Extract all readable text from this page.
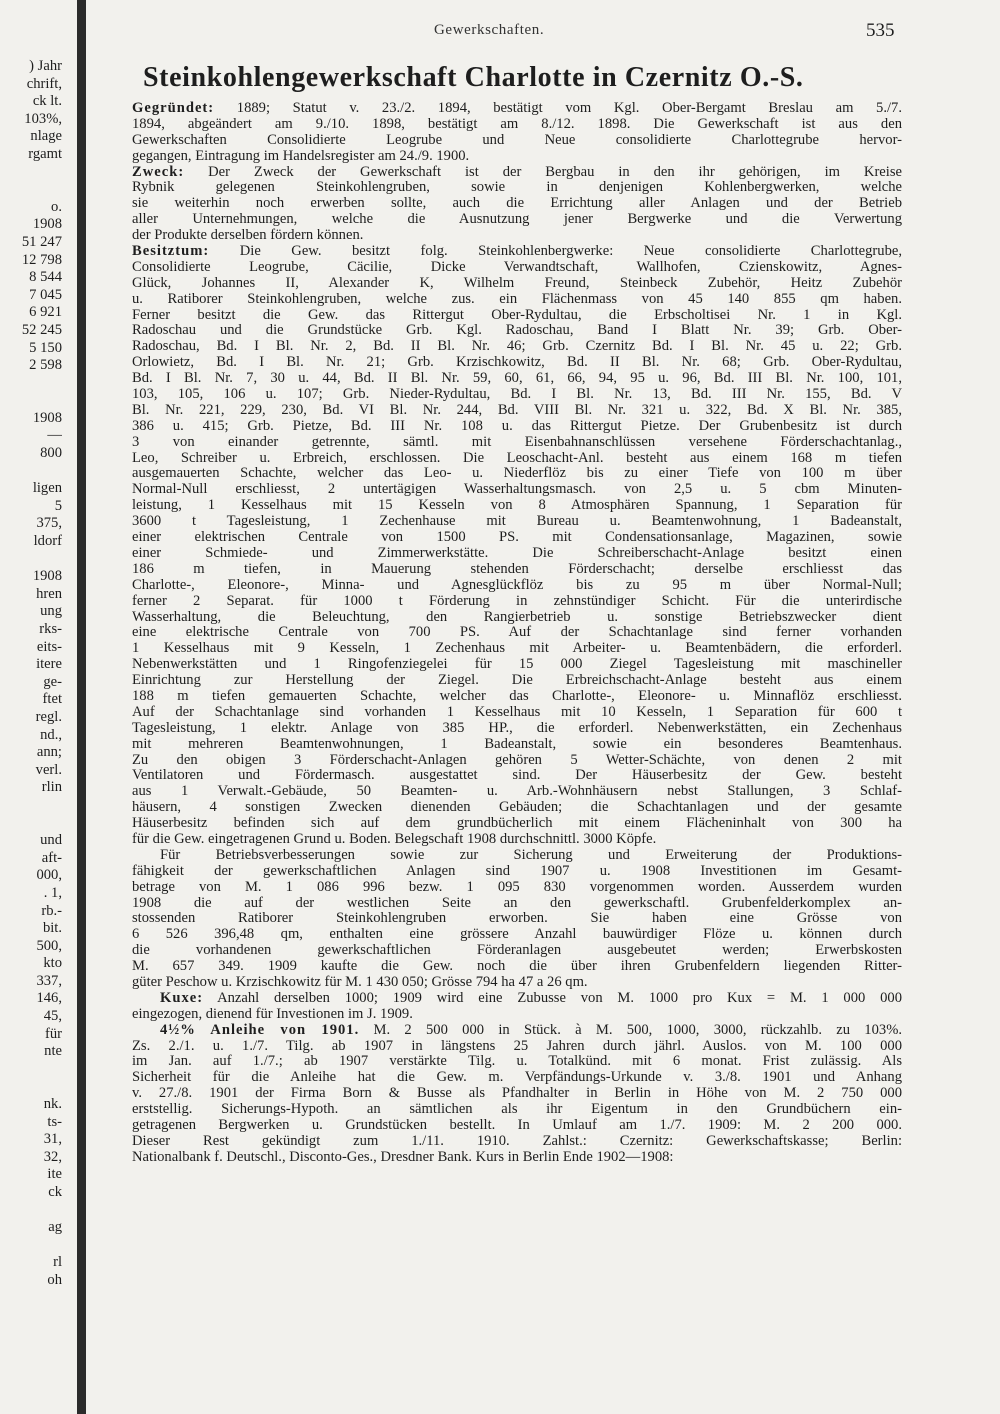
) Jahr
chrift,
ck lt.
103%,
nlage
rgamt
o.
1908
51 247
12 798
8 544
7 045
6 921
52 245
5 150
2 598
1908
—
800
ligen
5
375,
ldorf
1908
hren
ung
rks-
eits-
itere
ge-
ftet
regl.
nd.,
ann;
verl.
rlin
und
aft-
000,
. 1,
rb.-
bit.
500,
kto
337,
146,
45,
für
nte
nk.
ts-
31,
32,
ite
ck
ag
rl
oh
Gewerkschaften.	535
Steinkohlengewerkschaft Charlotte in Czernitz O.-S.
Gegründet: 1889; Statut v. 23./2. 1894, bestätigt vom Kgl. Ober-Bergamt Breslau am 5./7.
1894, abgeändert am 9./10. 1898, bestätigt am 8./12. 1898. Die Gewerkschaft ist aus den
Gewerkschaften Consolidierte Leogrube und Neue consolidierte Charlottegrube hervor-
gegangen, Eintragung im Handelsregister am 24./9. 1900.
Zweck: Der Zweck der Gewerkschaft ist der Bergbau in den ihr gehörigen, im Kreise
Rybnik gelegenen Steinkohlengruben, sowie in denjenigen Kohlenbergwerken, welche
sie weiterhin noch erwerben sollte, auch die Errichtung aller Anlagen und der Betrieb
aller Unternehmungen, welche die Ausnutzung jener Bergwerke und die Verwertung
der Produkte derselben fördern können.
Besitztum: Die Gew. besitzt folg. Steinkohlenbergwerke: Neue consolidierte Charlottegrube,
Consolidierte Leogrube, Cäcilie, Dicke Verwandtschaft, Wallhofen, Czienskowitz, Agnes-
Glück, Johannes II, Alexander K, Wilhelm Freund, Steinbeck Zubehör, Heitz Zubehör
u. Ratiborer Steinkohlengruben, welche zus. ein Flächenmass von 45 140 855 qm haben.
Ferner besitzt die Gew. das Rittergut Ober-Rydultau, die Erbscholtisei Nr. 1 in Kgl.
Radoschau und die Grundstücke Grb. Kgl. Radoschau, Band I Blatt Nr. 39; Grb. Ober-
Radoschau, Bd. I Bl. Nr. 2, Bd. II Bl. Nr. 46; Grb. Czernitz Bd. I Bl. Nr. 45 u. 22; Grb.
Orlowietz, Bd. I Bl. Nr. 21; Grb. Krzischkowitz, Bd. II Bl. Nr. 68; Grb. Ober-Rydultau,
Bd. I Bl. Nr. 7, 30 u. 44, Bd. II Bl. Nr. 59, 60, 61, 66, 94, 95 u. 96, Bd. III Bl. Nr. 100, 101,
103, 105, 106 u. 107; Grb. Nieder-Rydultau, Bd. I Bl. Nr. 13, Bd. III Nr. 155, Bd. V
Bl. Nr. 221, 229, 230, Bd. VI Bl. Nr. 244, Bd. VIII Bl. Nr. 321 u. 322, Bd. X Bl. Nr. 385,
386 u. 415; Grb. Pietze, Bd. III Nr. 108 u. das Rittergut Pietze. Der Grubenbesitz ist durch
3 von einander getrennte, sämtl. mit Eisenbahnanschlüssen versehene Förderschachtanlag.,
Leo, Schreiber u. Erbreich, erschlossen. Die Leoschacht-Anl. besteht aus einem 168 m tiefen
ausgemauerten Schachte, welcher das Leo- u. Niederflöz bis zu einer Tiefe von 100 m über
Normal-Null erschliesst, 2 untertägigen Wasserhaltungsmasch. von 2,5 u. 5 cbm Minuten-
leistung, 1 Kesselhaus mit 15 Kesseln von 8 Atmosphären Spannung, 1 Separation für
3600 t Tagesleistung, 1 Zechenhause mit Bureau u. Beamtenwohnung, 1 Badeanstalt,
einer elektrischen Centrale von 1500 PS. mit Condensationsanlage, Magazinen, sowie
einer Schmiede- und Zimmerwerkstätte. Die Schreiberschacht-Anlage besitzt einen
186 m tiefen, in Mauerung stehenden Förderschacht; derselbe erschliesst das
Charlotte-, Eleonore-, Minna- und Agnesglückflöz bis zu 95 m über Normal-Null;
ferner 2 Separat. für 1000 t Förderung in zehnstündiger Schicht. Für die unterirdische
Wasserhaltung, die Beleuchtung, den Rangierbetrieb u. sonstige Betriebszwecker dient
eine elektrische Centrale von 700 PS. Auf der Schachtanlage sind ferner vorhanden
1 Kesselhaus mit 9 Kesseln, 1 Zechenhaus mit Arbeiter- u. Beamtenbädern, die erforderl.
Nebenwerkstätten und 1 Ringofenziegelei für 15 000 Ziegel Tagesleistung mit maschineller
Einrichtung zur Herstellung der Ziegel. Die Erbreichschacht-Anlage besteht aus einem
188 m tiefen gemauerten Schachte, welcher das Charlotte-, Eleonore- u. Minnaflöz erschliesst.
Auf der Schachtanlage sind vorhanden 1 Kesselhaus mit 10 Kesseln, 1 Separation für 600 t
Tagesleistung, 1 elektr. Anlage von 385 HP., die erforderl. Nebenwerkstätten, ein Zechenhaus
mit mehreren Beamtenwohnungen, 1 Badeanstalt, sowie ein besonderes Beamtenhaus.
Zu den obigen 3 Förderschacht-Anlagen gehören 5 Wetter-Schächte, von denen 2 mit
Ventilatoren und Fördermasch. ausgestattet sind. Der Häuserbesitz der Gew. besteht
aus 1 Verwalt.-Gebäude, 50 Beamten- u. Arb.-Wohnhäusern nebst Stallungen, 3 Schlaf-
häusern, 4 sonstigen Zwecken dienenden Gebäuden; die Schachtanlagen und der gesamte
Häuserbesitz befinden sich auf dem grundbücherlich mit einem Flächeninhalt von 300 ha
für die Gew. eingetragenen Grund u. Boden. Belegschaft 1908 durchschnittl. 3000 Köpfe.
Für Betriebsverbesserungen sowie zur Sicherung und Erweiterung der Produktions-
fähigkeit der gewerkschaftlichen Anlagen sind 1907 u. 1908 Investitionen im Gesamt-
betrage von M. 1 086 996 bezw. 1 095 830 vorgenommen worden. Ausserdem wurden
1908 die auf der westlichen Seite an den gewerkschaftl. Grubenfelderkomplex an-
stossenden Ratiborer Steinkohlengruben erworben. Sie haben eine Grösse von
6 526 396,48 qm, enthalten eine grössere Anzahl bauwürdiger Flöze u. können durch
die vorhandenen gewerkschaftlichen Förderanlagen ausgebeutet werden; Erwerbskosten
M. 657 349. 1909 kaufte die Gew. noch die über ihren Grubenfeldern liegenden Ritter-
güter Peschow u. Krzischkowitz für M. 1 430 050; Grösse 794 ha 47 a 26 qm.
Kuxe: Anzahl derselben 1000; 1909 wird eine Zubusse von M. 1000 pro Kux = M. 1 000 000
eingezogen, dienend für Investionen im J. 1909.
4½% Anleihe von 1901. M. 2 500 000 in Stück. à M. 500, 1000, 3000, rückzahlb. zu 103%.
Zs. 2./1. u. 1./7. Tilg. ab 1907 in längstens 25 Jahren durch jährl. Auslos. von M. 100 000
im Jan. auf 1./7.; ab 1907 verstärkte Tilg. u. Totalkünd. mit 6 monat. Frist zulässig. Als
Sicherheit für die Anleihe hat die Gew. m. Verpfändungs-Urkunde v. 3./8. 1901 und Anhang
v. 27./8. 1901 der Firma Born & Busse als Pfandhalter in Berlin in Höhe von M. 2 750 000
erststellig. Sicherungs-Hypoth. an sämtlichen als ihr Eigentum in den Grundbüchern ein-
getragenen Bergwerken u. Grundstücken bestellt. In Umlauf am 1./7. 1909: M. 2 200 000.
Dieser Rest gekündigt zum 1./11. 1910. Zahlst.: Czernitz: Gewerkschaftskasse; Berlin:
Nationalbank f. Deutschl., Disconto-Ges., Dresdner Bank. Kurs in Berlin Ende 1902—1908:
